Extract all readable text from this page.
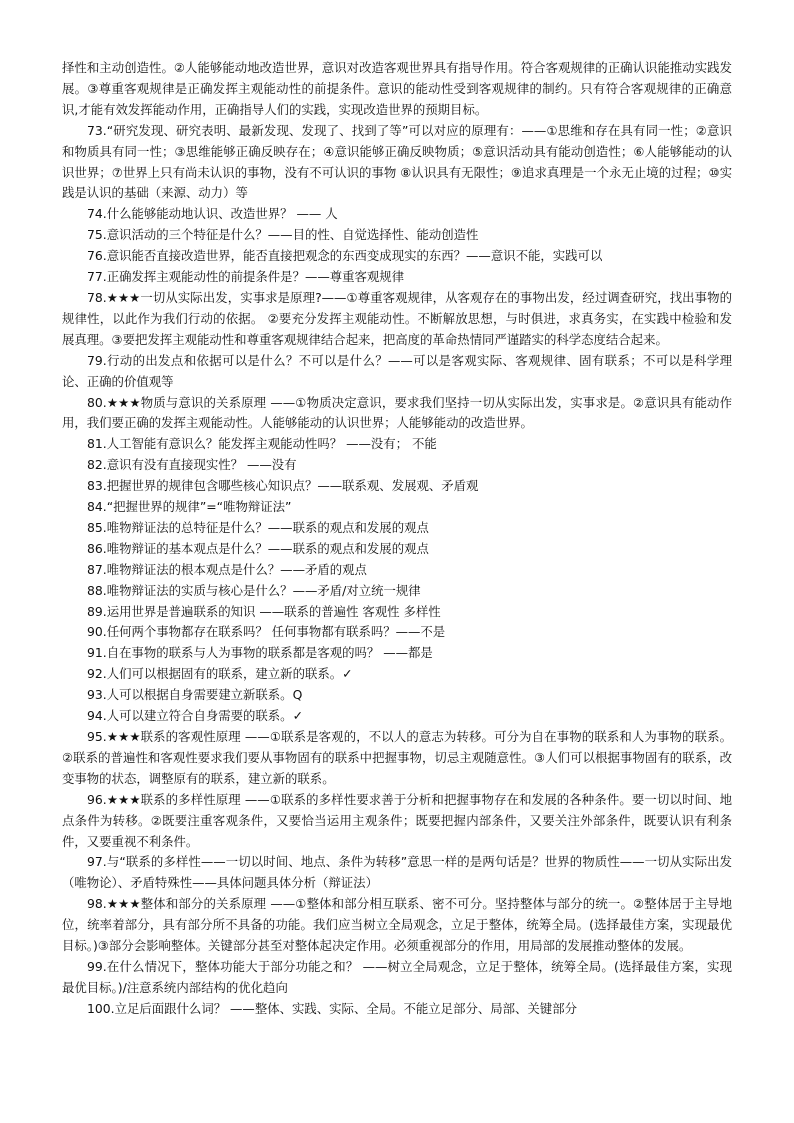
择性和主动创造性。②人能够能动地改造世界，意识对改造客观世界具有指导作用。符合客观规律的正确认识能推动实践发展。③尊重客观规律是正确发挥主观能动性的前提条件。意识的能动性受到客观规律的制约。只有符合客观规律的正确意识,才能有效发挥能动作用，正确指导人们的实践，实现改造世界的预期目标。

73.“研究发现、研究表明、最新发现、发现了、找到了等”可以对应的原理有：——①思维和存在具有同一性；②意识和物质具有同一性；③思维能够正确反映存在；④意识能够正确反映物质；⑤意识活动具有能动创造性；⑥人能够能动的认识世界；⑦世界上只有尚未认识的事物，没有不可认识的事物 ⑧认识具有无限性；⑨追求真理是一个永无止境的过程；⑩实践是认识的基础（来源、动力）等

74.什么能够能动地认识、改造世界？ —— 人

75.意识活动的三个特征是什么？——目的性、自觉选择性、能动创造性

76.意识能否直接改造世界，能否直接把观念的东西变成现实的东西？——意识不能，实践可以

77.正确发挥主观能动性的前提条件是？——尊重客观规律

78.★★★一切从实际出发，实事求是原理?——①尊重客观规律，从客观存在的事物出发，经过调查研究，找出事物的规律性，以此作为我们行动的依据。 ②要充分发挥主观能动性。不断解放思想，与时俱进，求真务实，在实践中检验和发展真理。③要把发挥主观能动性和尊重客观规律结合起来，把高度的革命热情同严谨踏实的科学态度结合起来。

79.行动的出发点和依据可以是什么？不可以是什么？——可以是客观实际、客观规律、固有联系；不可以是科学理论、正确的价值观等

80.★★★物质与意识的关系原理 ——①物质决定意识，要求我们坚持一切从实际出发，实事求是。②意识具有能动作用，我们要正确的发挥主观能动性。人能够能动的认识世界；人能够能动的改造世界。

81.人工智能有意识么？能发挥主观能动性吗？ ——没有； 不能

82.意识有没有直接现实性？ ——没有

83.把握世界的规律包含哪些核心知识点？——联系观、发展观、矛盾观

84.“把握世界的规律”=“唯物辩证法”

85.唯物辩证法的总特征是什么？——联系的观点和发展的观点

86.唯物辩证的基本观点是什么？——联系的观点和发展的观点

87.唯物辩证法的根本观点是什么？——矛盾的观点

88.唯物辩证法的实质与核心是什么？——矛盾/对立统一规律

89.运用世界是普遍联系的知识 ——联系的普遍性 客观性 多样性

90.任何两个事物都存在联系吗？ 任何事物都有联系吗？——不是

91.自在事物的联系与人为事物的联系都是客观的吗？ ——都是

92.人们可以根据固有的联系，建立新的联系。✓

93.人可以根据自身需要建立新联系。Q

94.人可以建立符合自身需要的联系。✓

95.★★★联系的客观性原理 ——①联系是客观的，不以人的意志为转移。可分为自在事物的联系和人为事物的联系。②联系的普遍性和客观性要求我们要从事物固有的联系中把握事物，切忌主观随意性。③人们可以根据事物固有的联系，改变事物的状态，调整原有的联系，建立新的联系。

96.★★★联系的多样性原理 ——①联系的多样性要求善于分析和把握事物存在和发展的各种条件。要一切以时间、地点条件为转移。②既要注重客观条件，又要恰当运用主观条件；既要把握内部条件，又要关注外部条件，既要认识有利条件，又要重视不利条件。

97.与“联系的多样性——一切以时间、地点、条件为转移”意思一样的是两句话是？世界的物质性——一切从实际出发（唯物论）、矛盾特殊性——具体问题具体分析（辩证法）

98.★★★整体和部分的关系原理 ——①整体和部分相互联系、密不可分。坚持整体与部分的统一。②整体居于主导地位，统率着部分，具有部分所不具备的功能。我们应当树立全局观念，立足于整体，统筹全局。(选择最佳方案，实现最优目标。)③部分会影响整体。关键部分甚至对整体起决定作用。必须重视部分的作用，用局部的发展推动整体的发展。

99.在什么情况下，整体功能大于部分功能之和？ ——树立全局观念，立足于整体，统筹全局。(选择最佳方案，实现最优目标。)/注意系统内部结构的优化趋向

100.立足后面跟什么词？ ——整体、实践、实际、全局。不能立足部分、局部、关键部分
